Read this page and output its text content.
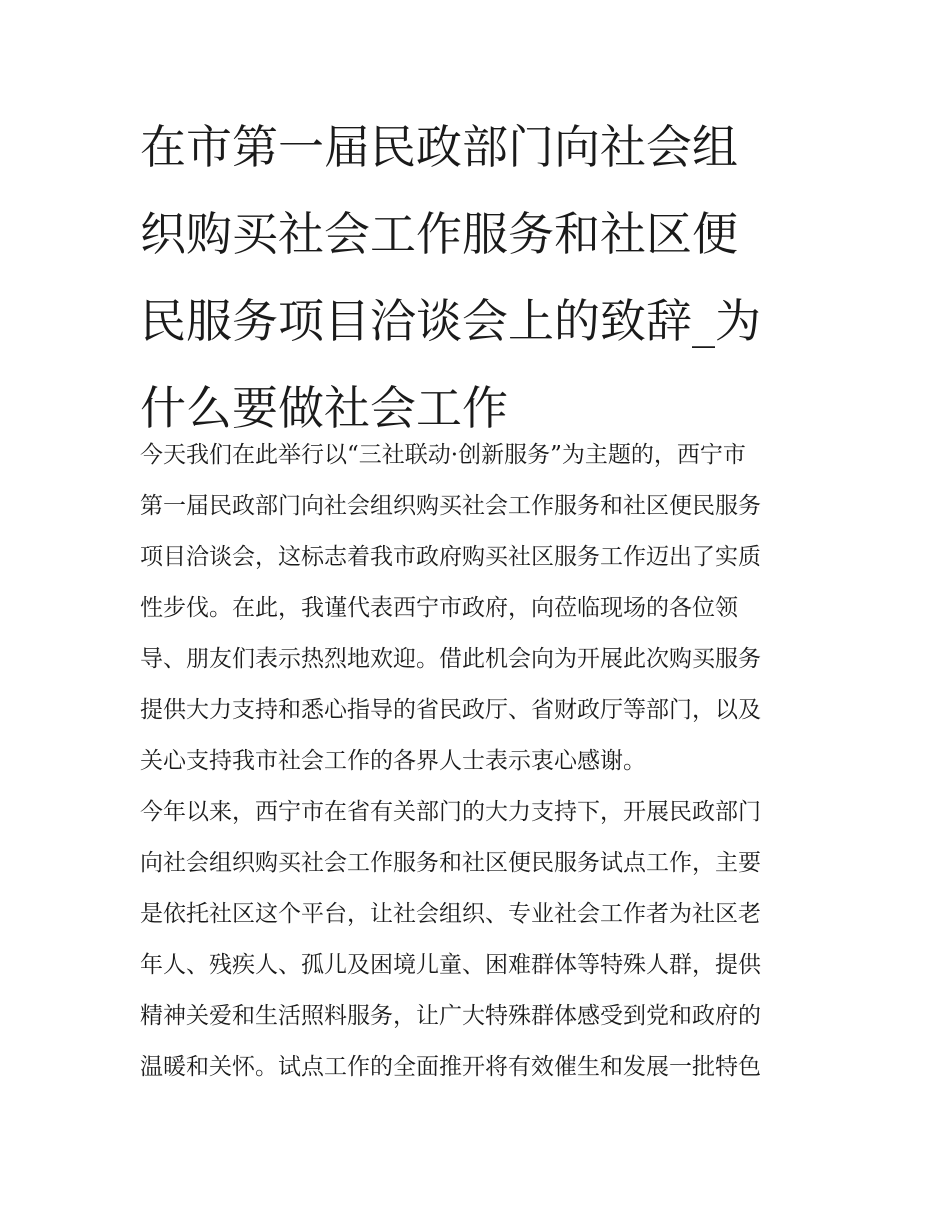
在市第一届民政部门向社会组
织购买社会工作服务和社区便
民服务项目洽谈会上的致辞_为
什么要做社会工作
今天我们在此举行以“三社联动·创新服务”为主题的，西宁市
第一届民政部门向社会组织购买社会工作服务和社区便民服务
项目洽谈会，这标志着我市政府购买社区服务工作迈出了实质
性步伐。在此，我谨代表西宁市政府，向莅临现场的各位领
导、朋友们表示热烈地欢迎。借此机会向为开展此次购买服务
提供大力支持和悉心指导的省民政厅、省财政厅等部门，以及
关心支持我市社会工作的各界人士表示衷心感谢。
今年以来，西宁市在省有关部门的大力支持下，开展民政部门
向社会组织购买社会工作服务和社区便民服务试点工作，主要
是依托社区这个平台，让社会组织、专业社会工作者为社区老
年人、残疾人、孤儿及困境儿童、困难群体等特殊人群，提供
精神关爱和生活照料服务，让广大特殊群体感受到党和政府的
温暖和关怀。试点工作的全面推开将有效催生和发展一批特色
